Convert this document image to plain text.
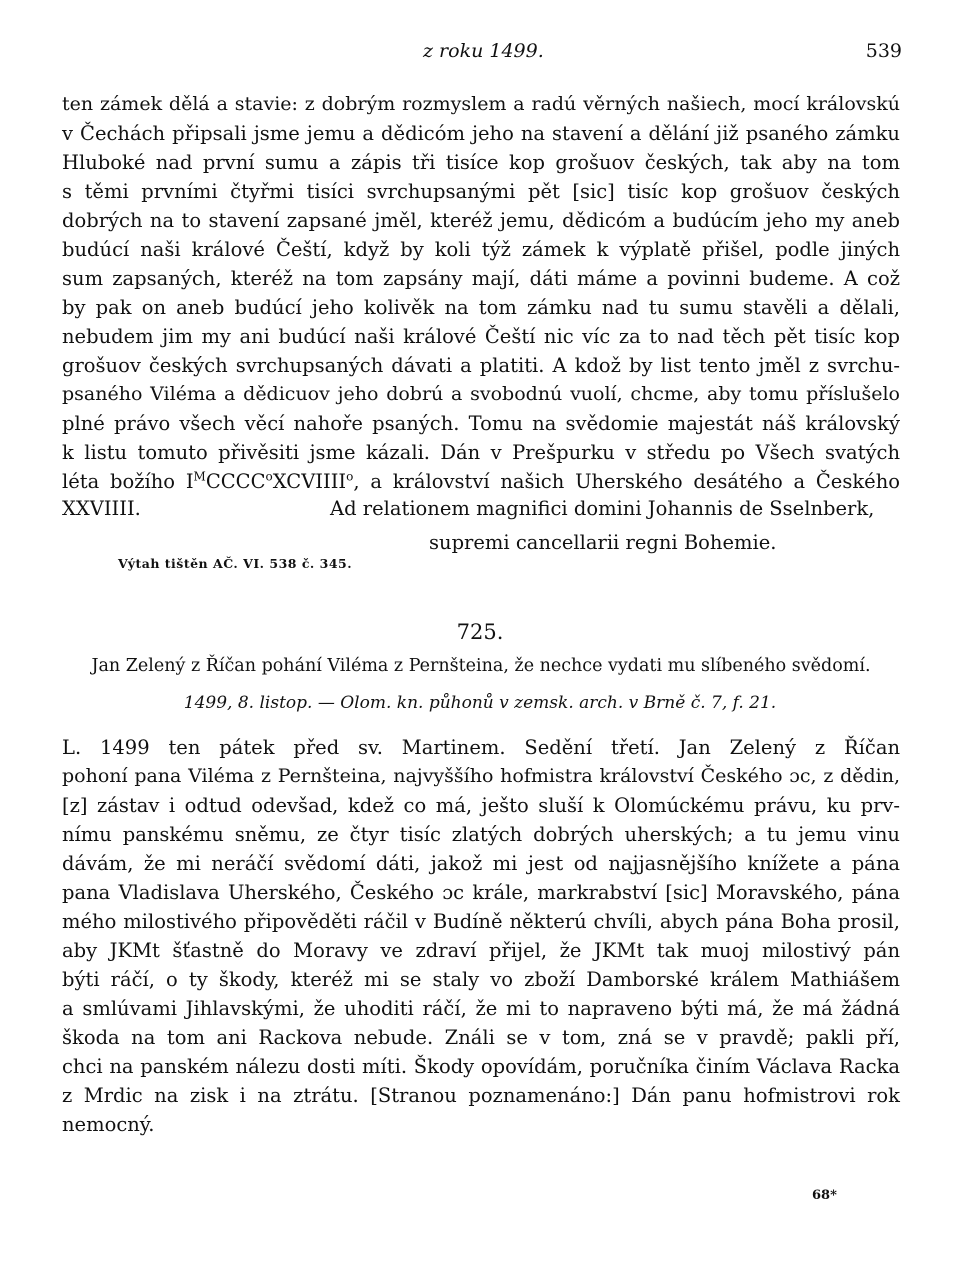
z roku 1499.	539
ten zámek dělá a stavie: z dobrým rozmyslem a radú věrných našiech, mocí královskú
v Čechách připsali jsme jemu a dědicóm jeho na stavení a dělání již psaného zámku
Hluboké nad první sumu a zápis tři tisíce kop grošuov českých, tak aby na tom
s těmi prvními čtyřmi tisíci svrchupsanými pět [sic] tisíc kop grošuov českých
dobrých na to stavení zapsané jměl, kteréž jemu, dědicóm a budúcím jeho my aneb
budúcí naši králové Čeští, když by koli týž zámek k výplatě přišel, podle jiných
sum zapsaných, kteréž na tom zapsány mají, dáti máme a povinni budeme. A což
by pak on aneb budúcí jeho kolivěk na tom zámku nad tu sumu stavěli a dělali,
nebudem jim my ani budúcí naši králové Čeští nic víc za to nad těch pět tisíc kop
grošuov českých svrchupsaných dávati a platiti. A kdož by list tento jměl z svrchu-
psaného Viléma a dědicuov jeho dobrú a svobodnú vuolí, chcme, aby tomu příslušelo
plné právo všech věcí nahoře psaných. Tomu na svědomie majestát náš královský
k listu tomuto přivěsiti jsme kázali. Dán v Prešpurku v středu po Všech svatých
léta božího $I^MCCCC^oXCVIIII^o$, a království našich Uherského desátého a Českého
XXVIIII.	Ad relationem magnifici domini Johannis de Sselnberk,
supremi cancellarii regni Bohemie.
Výtah tištěn AČ. VI. 538 č. 345.
725.
Jan Zelený z Říčan pohání Viléma z Pernšteina, že nechce vydati mu slíbeného svědomí.
1499, 8. listop. — Olom. kn. půhonů v zemsk. arch. v Brně č. 7, f. 21.
L. 1499 ten pátek před sv. Martinem. Sedění třetí. Jan Zelený z Říčan
pohoní pana Viléma z Pernšteina, najvyššího hofmistra království Českého ɔc, z dědin,
[z] zástav i odtud odevšad, kdež co má, ješto sluší k Olomúckému právu, ku prv-
nímu panskému sněmu, ze čtyr tisíc zlatých dobrých uherských; a tu jemu vinu
dávám, že mi neráčí svědomí dáti, jakož mi jest od najjasnějšího knížete a pána
pana Vladislava Uherského, Českého ɔc krále, markrabství [sic] Moravského, pána
mého milostivého připověděti ráčil v Budíně některú chvíli, abych pána Boha prosil,
aby JKMt šťastně do Moravy ve zdraví přijel, že JKMt tak muoj milostivý pán
býti ráčí, o ty škody, kteréž mi se staly vo zboží Damborské králem Mathiášem
a smlúvami Jihlavskými, že uhoditi ráčí, že mi to napraveno býti má, že má žádná
škoda na tom ani Rackova nebude. Ználi se v tom, zná se v pravdě; pakli pří,
chci na panském nálezu dosti míti. Škody opovídám, poručníka činím Václava Racka
z Mrdic na zisk i na ztrátu. [Stranou poznamenáno:] Dán panu hofmistrovi rok
nemocný.
68*
